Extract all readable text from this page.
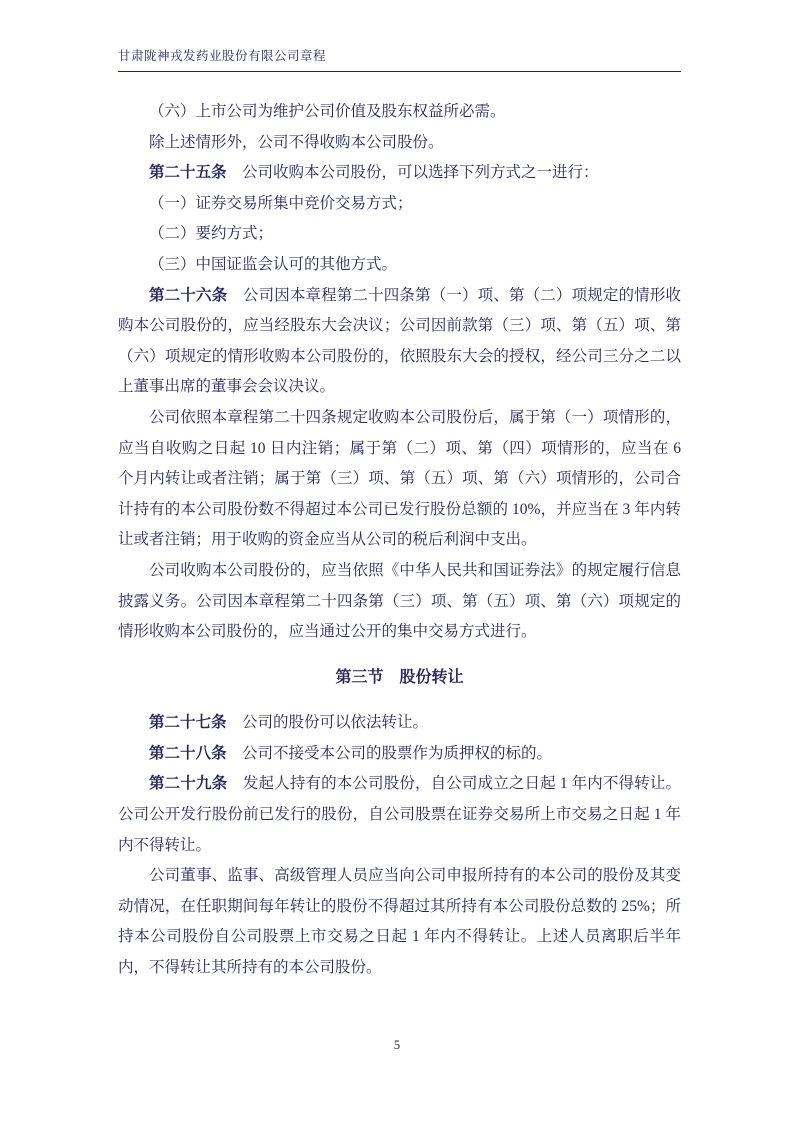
甘肃陇神戎发药业股份有限公司章程

（六）上市公司为维护公司价值及股东权益所必需。

除上述情形外，公司不得收购本公司股份。

第二十五条　公司收购本公司股份，可以选择下列方式之一进行：

（一）证券交易所集中竞价交易方式；

（二）要约方式；

（三）中国证监会认可的其他方式。

第二十六条　公司因本章程第二十四条第（一）项、第（二）项规定的情形收购本公司股份的，应当经股东大会决议；公司因前款第（三）项、第（五）项、第（六）项规定的情形收购本公司股份的，依照股东大会的授权，经公司三分之二以上董事出席的董事会会议决议。

公司依照本章程第二十四条规定收购本公司股份后，属于第（一）项情形的，应当自收购之日起 10 日内注销；属于第（二）项、第（四）项情形的，应当在 6 个月内转让或者注销；属于第（三）项、第（五）项、第（六）项情形的，公司合计持有的本公司股份数不得超过本公司已发行股份总额的 10%，并应当在 3 年内转让或者注销；用于收购的资金应当从公司的税后利润中支出。

公司收购本公司股份的，应当依照《中华人民共和国证券法》的规定履行信息披露义务。公司因本章程第二十四条第（三）项、第（五）项、第（六）项规定的情形收购本公司股份的，应当通过公开的集中交易方式进行。

第三节　股份转让

第二十七条　公司的股份可以依法转让。

第二十八条　公司不接受本公司的股票作为质押权的标的。

第二十九条　发起人持有的本公司股份，自公司成立之日起 1 年内不得转让。公司公开发行股份前已发行的股份，自公司股票在证券交易所上市交易之日起 1 年内不得转让。

公司董事、监事、高级管理人员应当向公司申报所持有的本公司的股份及其变动情况，在任职期间每年转让的股份不得超过其所持有本公司股份总数的 25%；所持本公司股份自公司股票上市交易之日起 1 年内不得转让。上述人员离职后半年内，不得转让其所持有的本公司股份。

5
